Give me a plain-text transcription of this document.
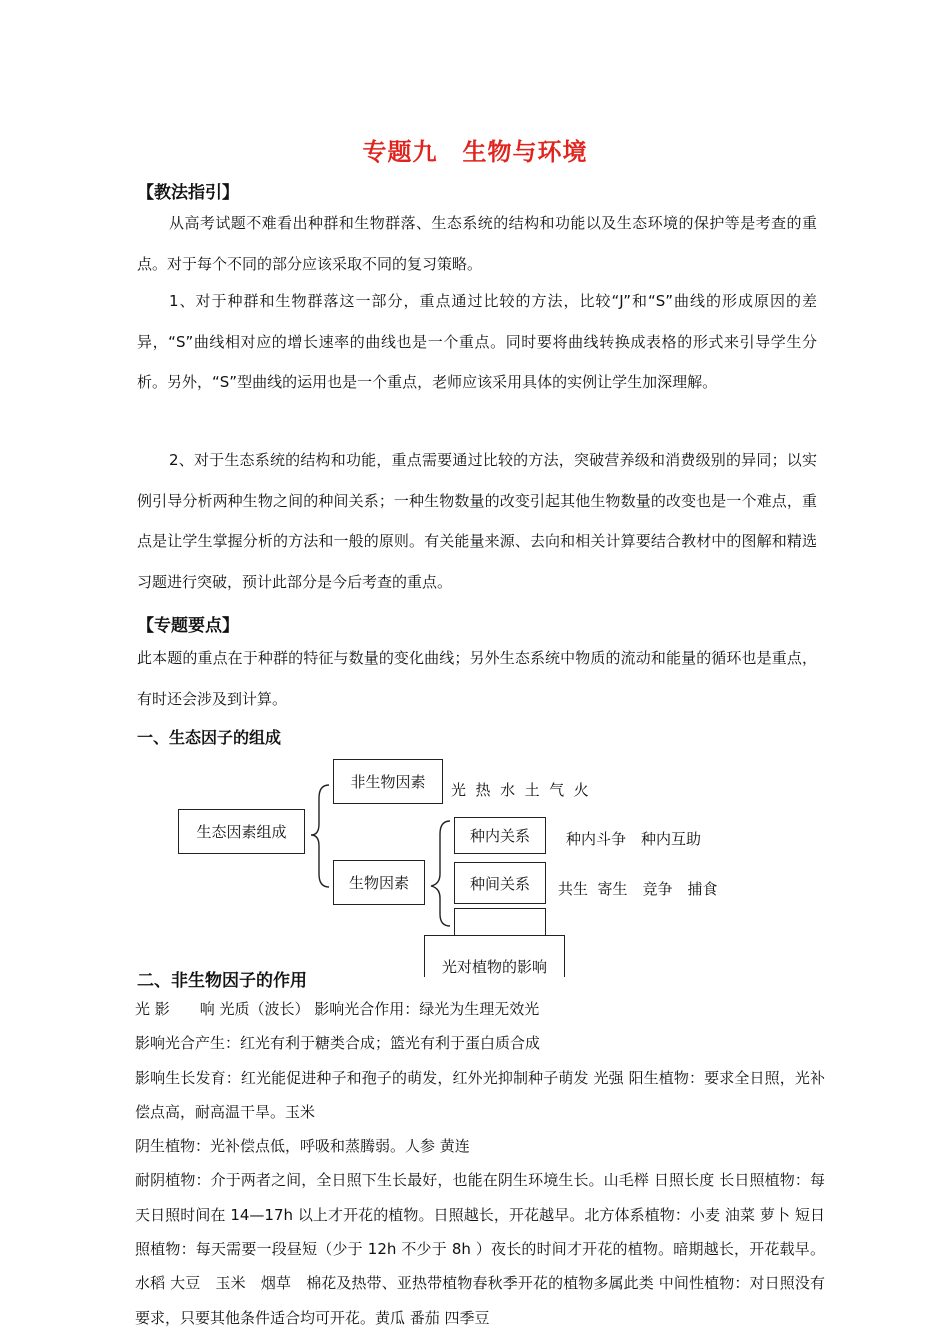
专题九　生物与环境
【教法指引】

从高考试题不难看出种群和生物群落、生态系统的结构和功能以及生态环境的保护等是考查的重点。对于每个不同的部分应该采取不同的复习策略。

1、对于种群和生物群落这一部分，重点通过比较的方法，比较“J”和“S”曲线的形成原因的差异，“S”曲线相对应的增长速率的曲线也是一个重点。同时要将曲线转换成表格的形式来引导学生分析。另外，“S”型曲线的运用也是一个重点，老师应该采用具体的实例让学生加深理解。

2、对于生态系统的结构和功能，重点需要通过比较的方法，突破营养级和消费级别的异同；以实例引导分析两种生物之间的种间关系；一种生物数量的改变引起其他生物数量的改变也是一个难点，重点是让学生掌握分析的方法和一般的原则。有关能量来源、去向和相关计算要结合教材中的图解和精选习题进行突破，预计此部分是今后考查的重点。

【专题要点】

此本题的重点在于种群的特征与数量的变化曲线；另外生态系统中物质的流动和能量的循环也是重点，有时还会涉及到计算。

一、生态因子的组成
生态因素组成
非生物因素	光  热  水  土  气  火
生物因素
种内关系	种内斗争　种内互助
种间关系	共生  寄生　竞争　捕食
光对植物的影响
二、非生物因子的作用

光 影　　响 光质（波长） 影响光合作用：绿光为生理无效光
影响光合产生：红光有利于糖类合成；篮光有利于蛋白质合成
影响生长发育：红光能促进种子和孢子的萌发，红外光抑制种子萌发 光强 阳生植物：要求全日照，光补偿点高，耐高温干旱。玉米
阴生植物：光补偿点低，呼吸和蒸腾弱。人参 黄连
耐阴植物：介于两者之间，全日照下生长最好，也能在阴生环境生长。山毛榉 日照长度 长日照植物：每天日照时间在 14—17h 以上才开花的植物。日照越长，开花越早。北方体系植物：小麦 油菜 萝卜 短日照植物：每天需要一段昼短（少于 12h 不少于 8h ）夜长的时间才开花的植物。暗期越长，开花载早。水稻 大豆　玉米　烟草　棉花及热带、亚热带植物春秋季开花的植物多属此类 中间性植物：对日照没有要求，只要其他条件适合均可开花。黄瓜 番茄 四季豆
